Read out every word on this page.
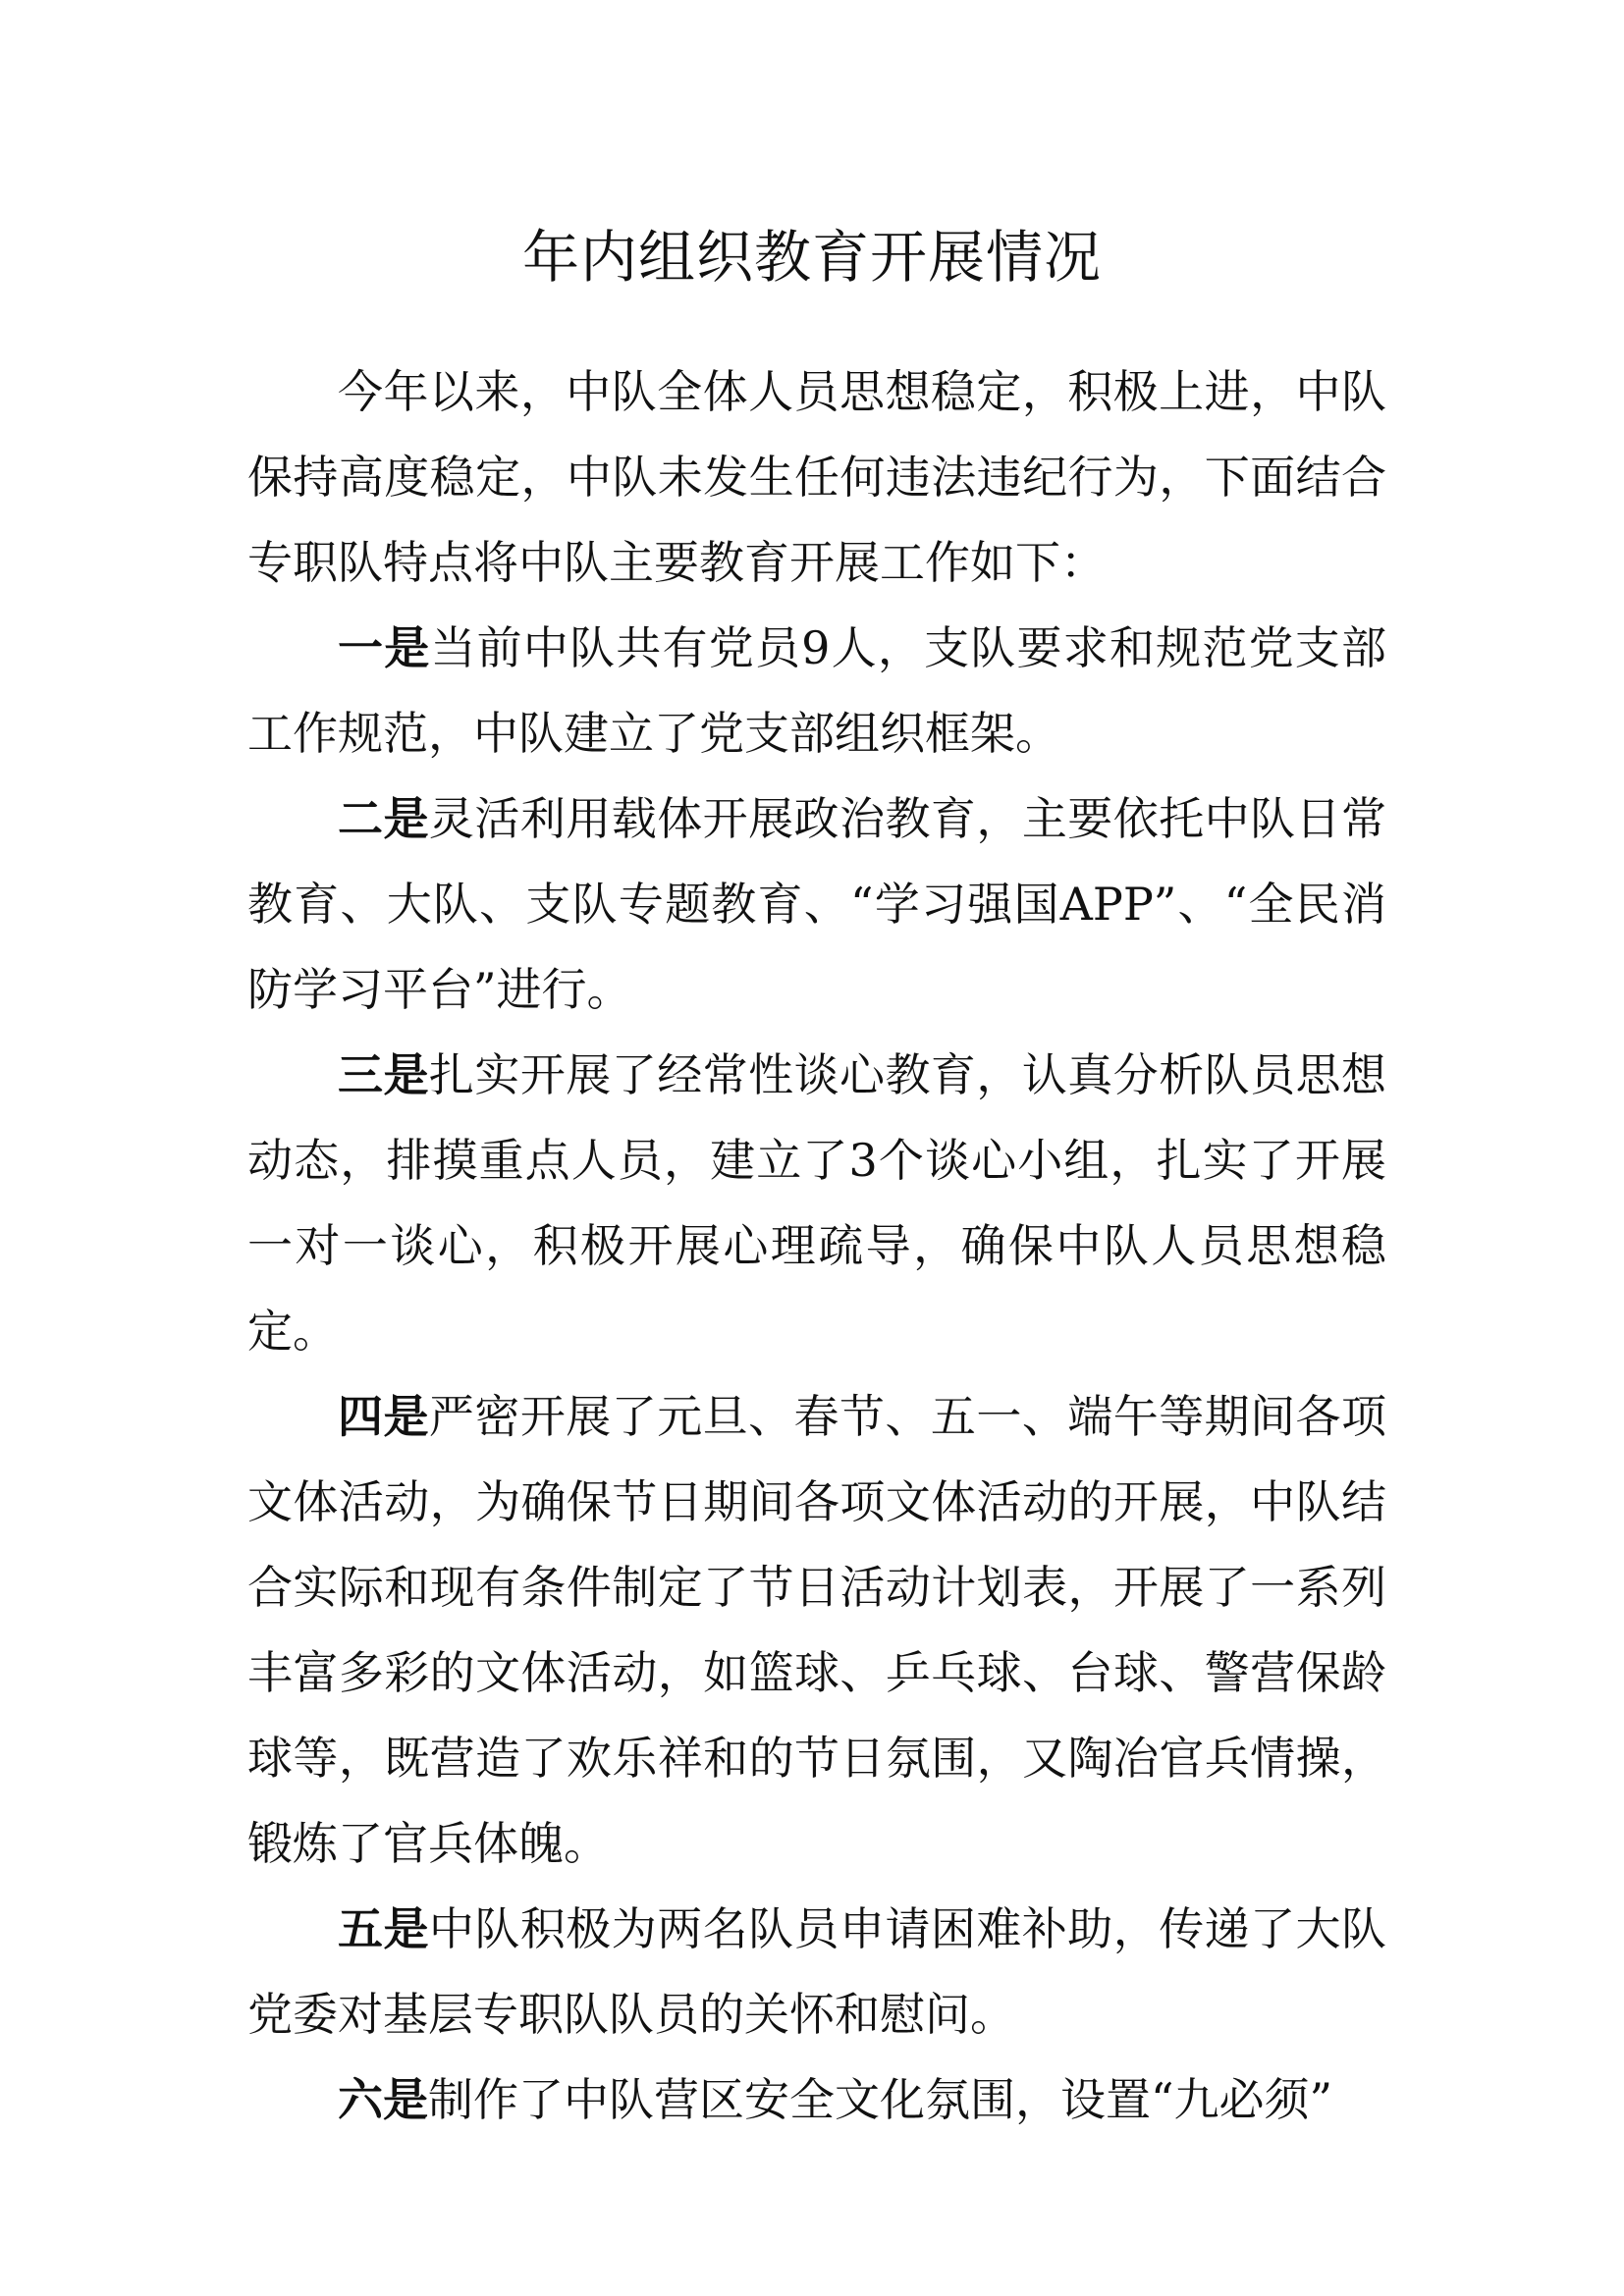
年内组织教育开展情况

今年以来，中队全体人员思想稳定，积极上进，中队保持高度稳定，中队未发生任何违法违纪行为，下面结合专职队特点将中队主要教育开展工作如下：

一是当前中队共有党员9人，支队要求和规范党支部工作规范，中队建立了党支部组织框架。

二是灵活利用载体开展政治教育，主要依托中队日常教育、大队、支队专题教育、“学习强国APP”、“全民消防学习平台”进行。

三是扎实开展了经常性谈心教育，认真分析队员思想动态，排摸重点人员，建立了3个谈心小组，扎实了开展一对一谈心，积极开展心理疏导，确保中队人员思想稳定。

四是严密开展了元旦、春节、五一、端午等期间各项文体活动，为确保节日期间各项文体活动的开展，中队结合实际和现有条件制定了节日活动计划表，开展了一系列丰富多彩的文体活动，如篮球、乒乓球、台球、警营保龄球等，既营造了欢乐祥和的节日氛围，又陶冶官兵情操，锻炼了官兵体魄。

五是中队积极为两名队员申请困难补助，传递了大队党委对基层专职队队员的关怀和慰问。

六是制作了中队营区安全文化氛围，设置“九必须”
